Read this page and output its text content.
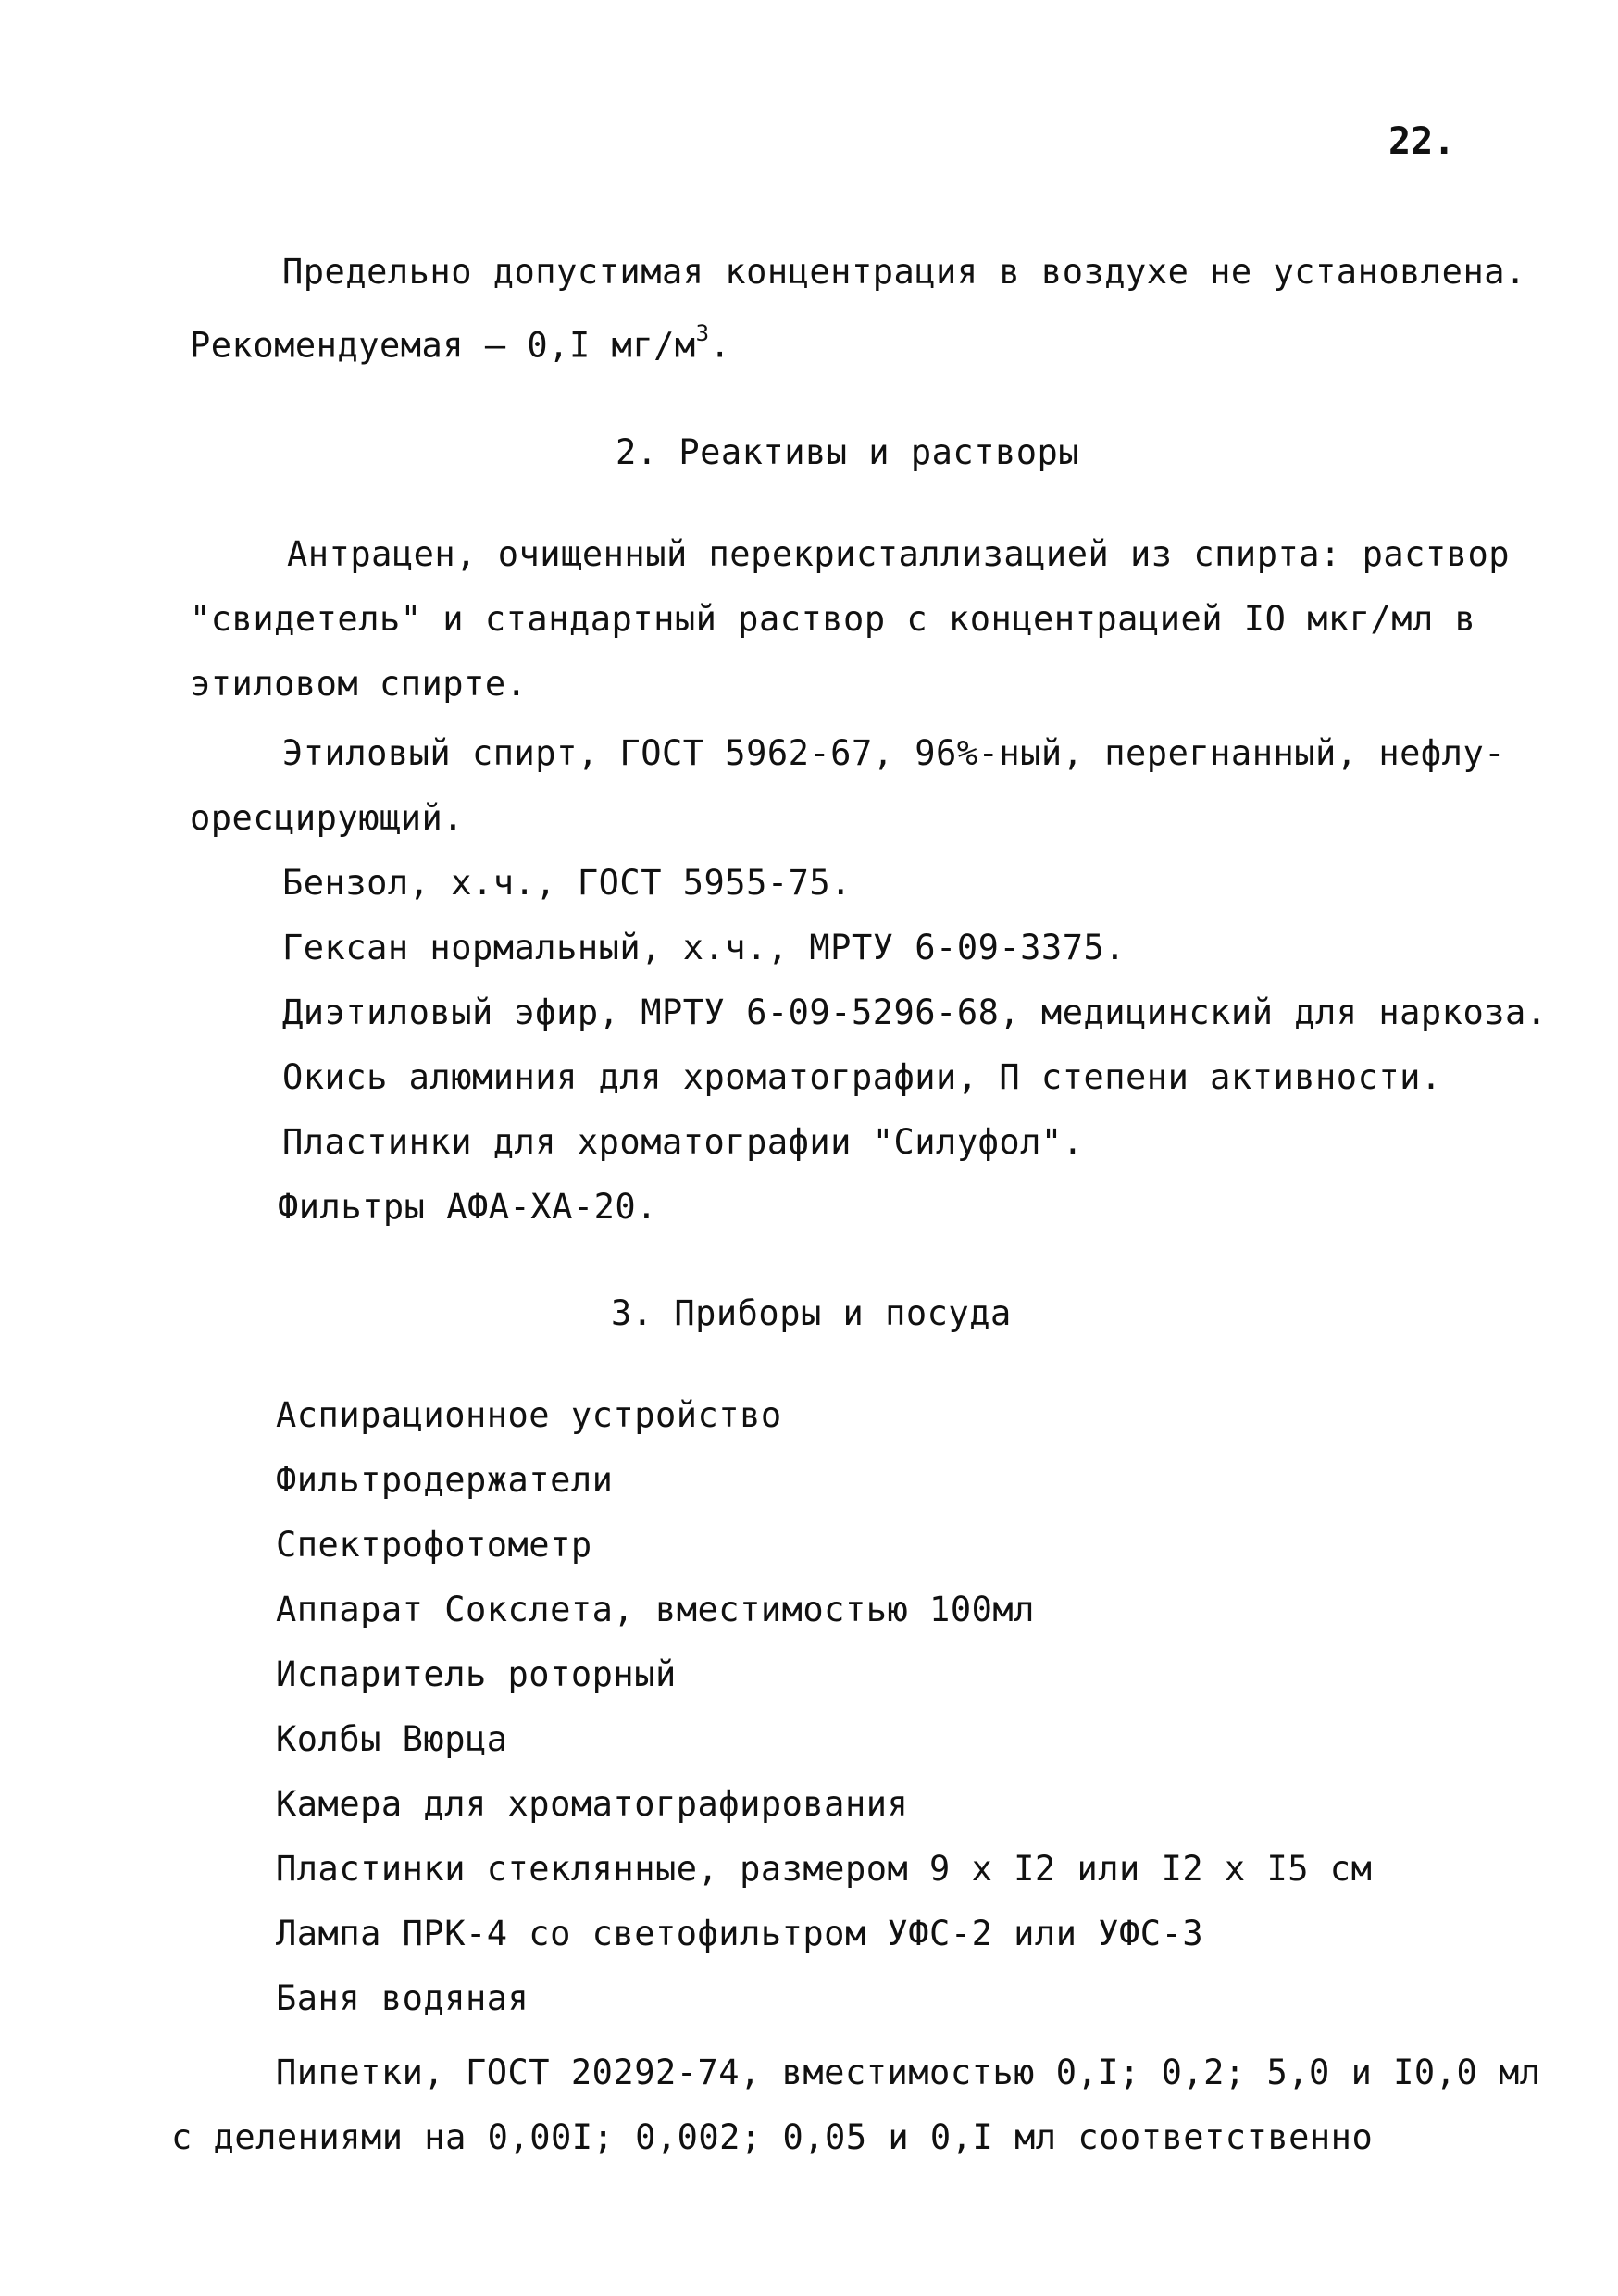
22.
Предельно допустимая концентрация в воздухе не установлена.
Рекомендуемая – 0,I $мг/м^3$.
2. Реактивы и растворы
Антрацен, очищенный перекристаллизацией из спирта: раствор
"свидетель" и стандартный раствор с концентрацией IO мкг/мл в
этиловом спирте.
Этиловый спирт, ГОСТ 5962-67, 96%-ный, перегнанный, нефлу-
оресцирующий.
Бензол, х.ч., ГОСТ 5955-75.
Гексан нормальный, х.ч., МРТУ 6-09-3375.
Диэтиловый эфир, МРТУ 6-09-5296-68, медицинский для наркоза.
Окись алюминия для хроматографии, П степени активности.
Пластинки для хроматографии "Силуфол".
Фильтры АФА-ХА-20.
3. Приборы и посуда
Аспирационное устройство
Фильтродержатели
Спектрофотометр
Аппарат Сокслета, вместимостью 100мл
Испаритель роторный
Колбы Вюрца
Камера для хроматографирования
Пластинки стеклянные, размером 9 х I2 или I2 х I5 см
Лампа ПРК-4 со светофильтром УФС-2 или УФС-3
Баня водяная
Пипетки, ГОСТ 20292-74, вместимостью 0,I; 0,2; 5,0 и I0,0 мл
с делениями на 0,00I; 0,002; 0,05 и 0,I мл соответственно
